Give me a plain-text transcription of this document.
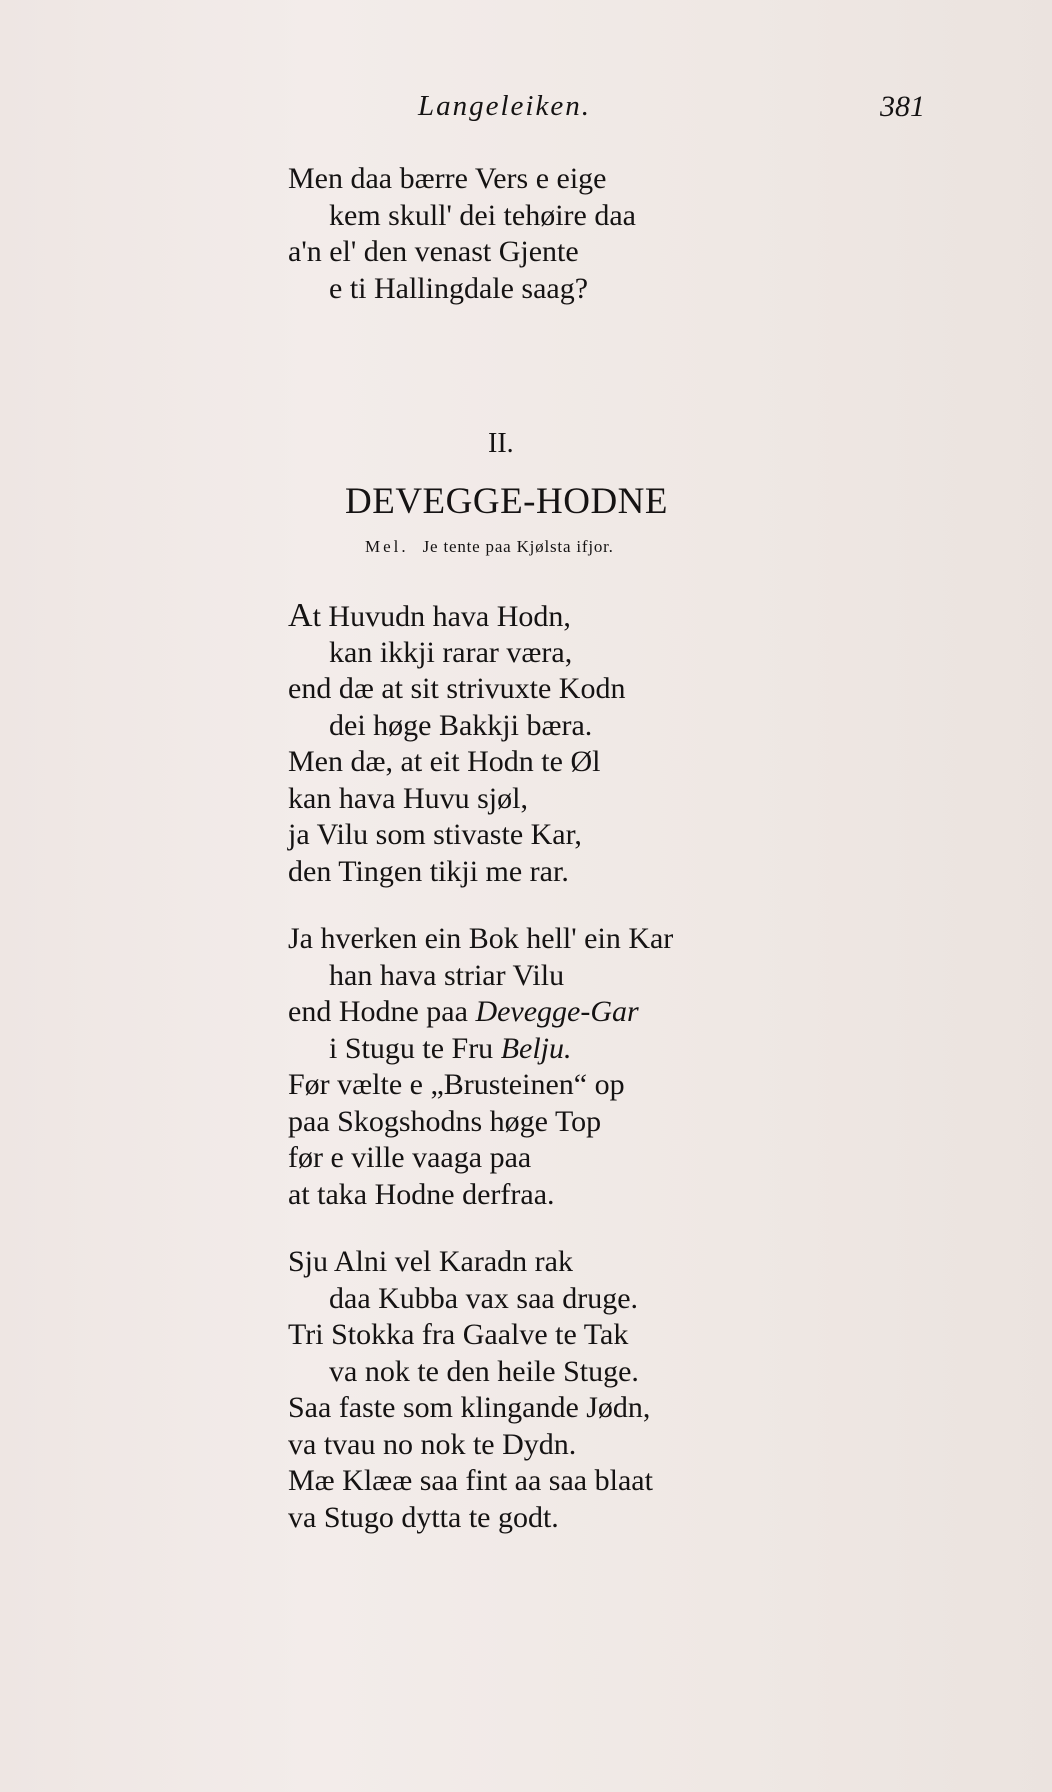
Langeleiken.	381
Men daa bærre Vers e eige
kem skull' dei tehøire daa
a'n el' den venast Gjente
e ti Hallingdale saag?
II.
DEVEGGE-HODNE
Mel. Je tente paa Kjølsta ifjor.
At Huvudn hava Hodn,
kan ikkji rarar væra,
end dæ at sit strivuxte Kodn
dei høge Bakkji bæra.
Men dæ, at eit Hodn te Øl
kan hava Huvu sjøl,
ja Vilu som stivaste Kar,
den Tingen tikji me rar.
Ja hverken ein Bok hell' ein Kar
han hava striar Vilu
end Hodne paa Devegge-Gar
i Stugu te Fru Belju.
Før vælte e „Brusteinen“ op
paa Skogshodns høge Top
før e ville vaaga paa
at taka Hodne derfraa.
Sju Alni vel Karadn rak
daa Kubba vax saa druge.
Tri Stokka fra Gaalve te Tak
va nok te den heile Stuge.
Saa faste som klingande Jødn,
va tvau no nok te Dydn.
Mæ Klææ saa fint aa saa blaat
va Stugo dytta te godt.
